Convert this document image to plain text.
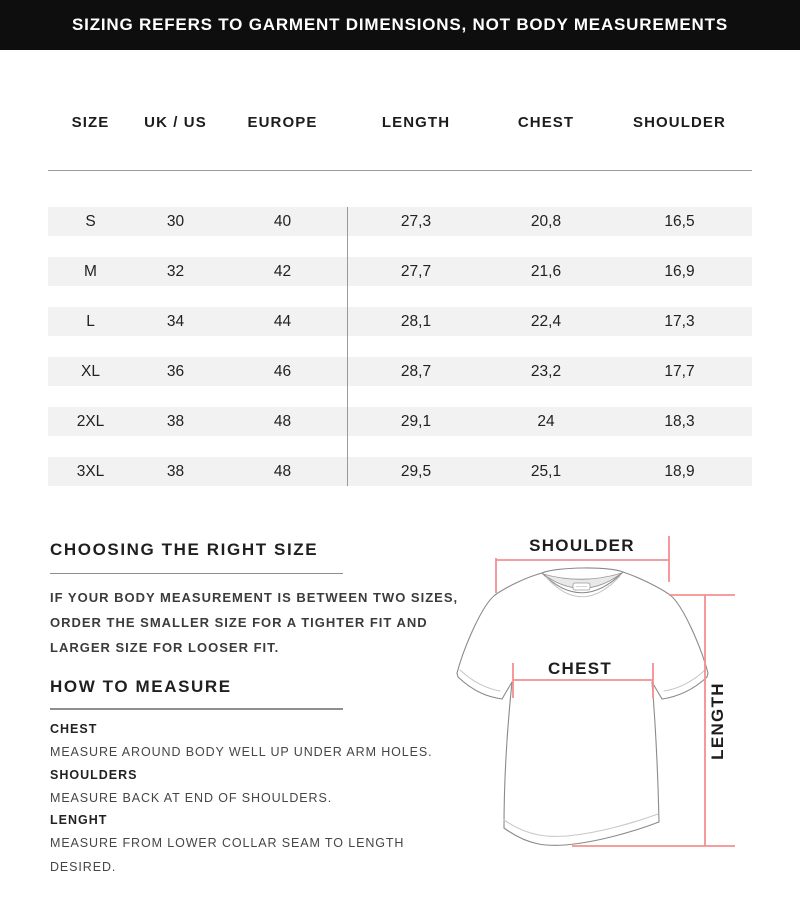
SIZING REFERS TO GARMENT DIMENSIONS, NOT BODY MEASUREMENTS
SIZE	UK / US	EUROPE	LENGTH	CHEST	SHOULDER
S	30	40	27,3	20,8	16,5
M	32	42	27,7	21,6	16,9
L	34	44	28,1	22,4	17,3
XL	36	46	28,7	23,2	17,7
2XL	38	48	29,1	24	18,3
3XL	38	48	29,5	25,1	18,9
CHOOSING THE RIGHT SIZE
IF YOUR BODY MEASUREMENT IS BETWEEN TWO SIZES,
ORDER THE SMALLER SIZE FOR A TIGHTER FIT AND
LARGER SIZE FOR LOOSER FIT.
HOW TO MEASURE
CHEST
MEASURE AROUND BODY WELL UP UNDER ARM HOLES.
SHOULDERS
MEASURE BACK AT END OF SHOULDERS.
LENGHT
MEASURE FROM LOWER COLLAR SEAM TO LENGTH
DESIRED.
SHOULDER
CHEST
LENGTH
